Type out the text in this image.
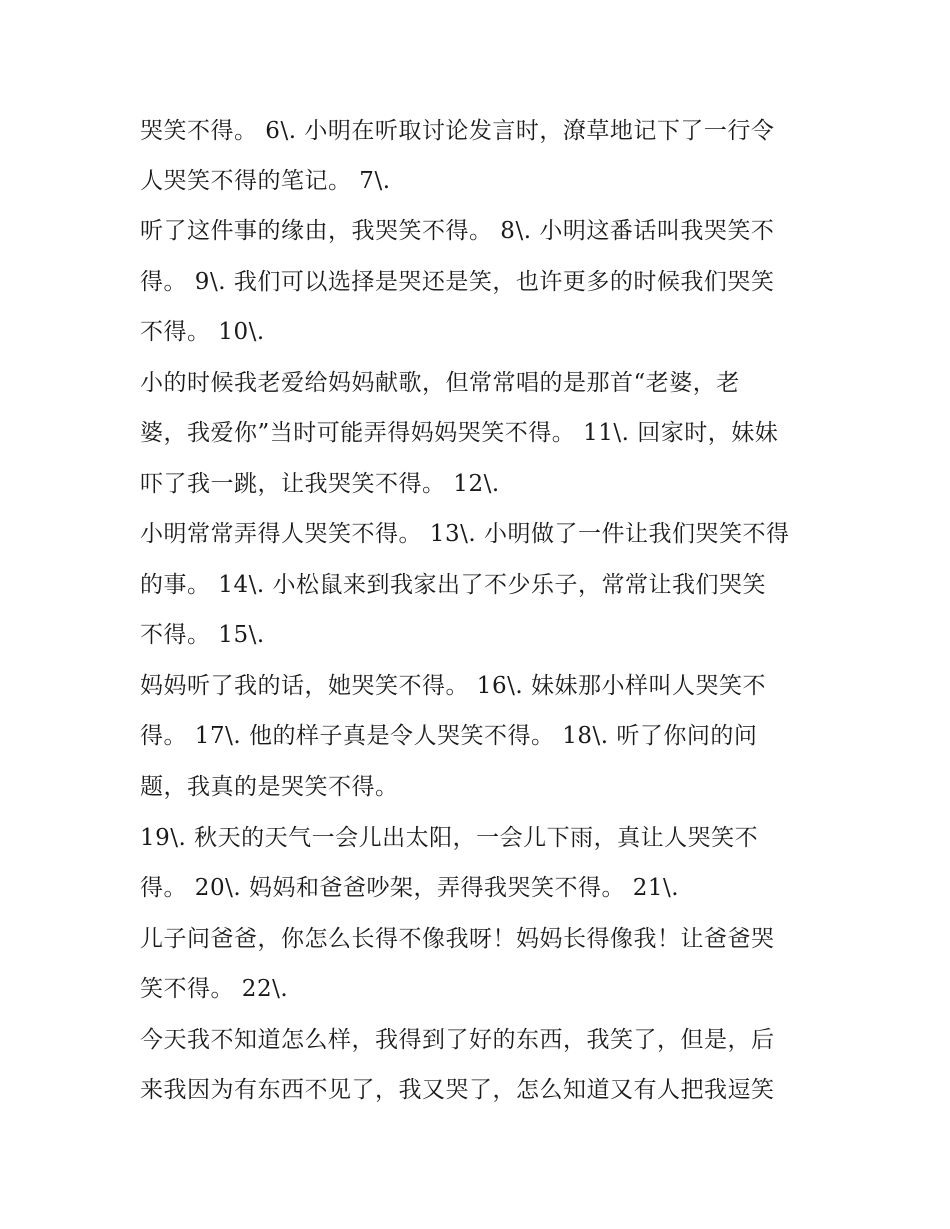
哭笑不得。 6\. 小明在听取讨论发言时，潦草地记下了一行令
人哭笑不得的笔记。 7\.
听了这件事的缘由，我哭笑不得。 8\. 小明这番话叫我哭笑不
得。 9\. 我们可以选择是哭还是笑，也许更多的时候我们哭笑
不得。 10\.
小的时候我老爱给妈妈献歌，但常常唱的是那首“老婆，老
婆，我爱你”当时可能弄得妈妈哭笑不得。 11\. 回家时，妹妹
吓了我一跳，让我哭笑不得。 12\.
小明常常弄得人哭笑不得。 13\. 小明做了一件让我们哭笑不得
的事。 14\. 小松鼠来到我家出了不少乐子，常常让我们哭笑
不得。 15\.
妈妈听了我的话，她哭笑不得。 16\. 妹妹那小样叫人哭笑不
得。 17\. 他的样子真是令人哭笑不得。 18\. 听了你问的问
题，我真的是哭笑不得。
19\. 秋天的天气一会儿出太阳，一会儿下雨，真让人哭笑不
得。 20\. 妈妈和爸爸吵架，弄得我哭笑不得。 21\.
儿子问爸爸，你怎么长得不像我呀！妈妈长得像我！让爸爸哭
笑不得。 22\.
今天我不知道怎么样，我得到了好的东西，我笑了，但是，后
来我因为有东西不见了，我又哭了，怎么知道又有人把我逗笑
